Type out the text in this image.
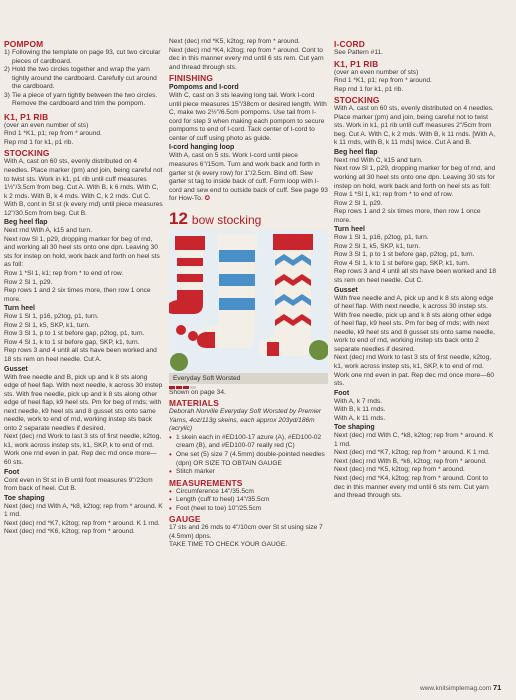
POMPOM
1) Following the template on page 93, cut two circular pieces of cardboard.
2) Hold the two circles together and wrap the yarn tightly around the cardboard. Carefully cut around the cardboard.
3) Tie a piece of yarn tightly between the two circles. Remove the cardboard and trim the pompom.
K1, P1 RIB
(over an even number of sts)
Rnd 1 *K1, p1; rep from * around.
Rep rnd 1 for k1, p1 rib.
STOCKING
With A, cast on 60 sts, evenly distributed on 4 needles. Place marker (pm) and join, being careful not to twist sts. Work in k1, p1 rib until cuff measures 1½"/3.5cm from beg. Cut A. With B, k 6 rnds. With C, k 2 rnds. With B, k 4 rnds. With C, k 2 rnds. Cut C. With B, cont in St st (k every rnd) until piece measures 12"/30.5cm from beg. Cut B.
Beg heel flap
Next rnd With A, k15 and turn.
Next row Sl 1, p29, dropping marker for beg of rnd, and working all 30 heel sts onto one dpn. Leaving 30 sts for instep on hold, work back and forth on heel sts as foll:
Row 1 *Sl 1, k1; rep from * to end of row.
Row 2 Sl 1, p29.
Rep rows 1 and 2 six times more, then row 1 once more.
Turn heel
Row 1 Sl 1, p16, p2tog, p1, turn.
Row 2 Sl 1, k5, SKP, k1, turn.
Row 3 Sl 1, p to 1 st before gap, p2tog, p1, turn.
Row 4 Sl 1, k to 1 st before gap, SKP, k1, turn.
Rep rows 3 and 4 until all sts have been worked and 18 sts rem on heel needle. Cut A.
Gusset
With free needle and B, pick up and k 8 sts along edge of heel flap. With next needle, k across 30 instep sts. With free needle, pick up and k 8 sts along other edge of heel flap, k9 heel sts. Pm for beg of rnds; with next needle, k9 heel sts and 8 gusset sts onto same needle, work to end of rnd, working instep sts back onto 2 separate needles if desired.
Next (dec) rnd Work to last 3 sts of first needle, k2tog, k1, work across instep sts, k1, SKP, k to end of rnd. Work one rnd even in pat. Rep dec rnd once more—60 sts.
Foot
Cont even in St st in B until foot measures 9"/23cm from back of heel. Cut B.
Toe shaping
Next (dec) rnd With A, *k8, k2tog; rep from * around. K 1 rnd.
Next (dec) rnd *K7, k2tog; rep from * around. K 1 rnd.
Next (dec) rnd *K6, k2tog; rep from * around.
Next (dec) rnd *K5, k2tog; rep from * around.
Next (dec) rnd *K4, k2tog; rep from * around. Cont to dec in this manner every rnd until 6 sts rem. Cut yarn and thread through sts.
FINISHING
Pompoms and I-cord
With C, cast on 3 sts leaving long tail. Work I-cord until piece measures 15"/38cm or desired length. With C, make two 2½"/6.5cm pompoms. Use tail from I-cord for step 3 when making each pompom to secure pompoms to end of I-cord. Tack center of I-cord to center of cuff using photo as guide.
I-cord hanging loop
With A, cast on 5 sts. Work I-cord until piece measures 6"/15cm. Turn and work back and forth in garter st (k every row) for 1"/2.5cm. Bind off. Sew garter st tag to inside back of cuff. Form loop with I-cord and sew end to outside back of cuff. See page 93 for How-To. ✪
12 bow stocking
Everyday Soft Worsted
Shown on page 34.
MATERIALS
Deborah Norville Everyday Soft Worsted by Premier Yarns, 4oz/113g skeins, each approx 203yd/186m (acrylic)
• 1 skein each in #ED100-17 azure (A), #ED100-02 cream (B), and #ED100-07 really red (C)
• One set (5) size 7 (4.5mm) double-pointed needles (dpn) OR SIZE TO OBTAIN GAUGE
• Stitch marker
MEASUREMENTS
• Circumference 14"/35.5cm
• Length (cuff to heel) 14"/35.5cm
• Foot (heel to toe) 10"/25.5cm
GAUGE
17 sts and 26 rnds to 4"/10cm over St st using size 7 (4.5mm) dpns.
TAKE TIME TO CHECK YOUR GAUGE.
I-CORD
See Pattern #11.
K1, P1 RIB
(over an even number of sts)
Rnd 1 *K1, p1; rep from * around.
Rep rnd 1 for k1, p1 rib.
STOCKING
With A, cast on 60 sts, evenly distributed on 4 needles. Place marker (pm) and join, being careful not to twist sts. Work in k1, p1 rib until cuff measures 2"/5cm from beg. Cut A. With C, k 2 rnds. With B, k 11 rnds. [With A, k 11 rnds, with B, k 11 rnds] twice. Cut A and B.
Beg heel flap
Next rnd With C, k15 and turn.
Next row Sl 1, p29, dropping marker for beg of rnd, and working all 30 heel sts onto one dpn. Leaving 30 sts for instep on hold, work back and forth on heel sts as foll:
Row 1 *Sl 1, k1; rep from * to end of row.
Row 2 Sl 1, p29.
Rep rows 1 and 2 six times more, then row 1 once more.
Turn heel
Row 1 Sl 1, p16, p2tog, p1, turn.
Row 2 Sl 1, k5, SKP, k1, turn.
Row 3 Sl 1, p to 1 st before gap, p2tog, p1, turn.
Row 4 Sl 1, k to 1 st before gap, SKP, k1, turn.
Rep rows 3 and 4 until all sts have been worked and 18 sts rem on heel needle. Cut C.
Gusset
With free needle and A, pick up and k 8 sts along edge of heel flap. With next needle, k across 30 instep sts. With free needle, pick up and k 8 sts along other edge of heel flap, k9 heel sts. Pm for beg of rnds; with next needle, k9 heel sts and 8 gusset sts onto same needle, work to end of rnd, working instep sts back onto 2 separate needles if desired.
Next (dec) rnd Work to last 3 sts of first needle, k2tog, k1, work across instep sts, k1, SKP, k to end of rnd. Work one rnd even in pat. Rep dec rnd once more—60 sts.
Foot
With A, k 7 rnds.
With B, k 11 rnds.
With A, k 11 rnds.
Toe shaping
Next (dec) rnd With C, *k8, k2tog; rep from * around. K 1 rnd.
Next (dec) rnd *K7, k2tog; rep from * around. K 1 rnd.
Next (dec) rnd With B, *k6, k2tog; rep from * around.
Next (dec) rnd *K5, k2tog; rep from * around.
Next (dec) rnd *K4, k2tog; rep from * around. Cont to dec in this manner every rnd until 6 sts rem. Cut yarn and thread through sts.
www.knitsimplemag.com 71
